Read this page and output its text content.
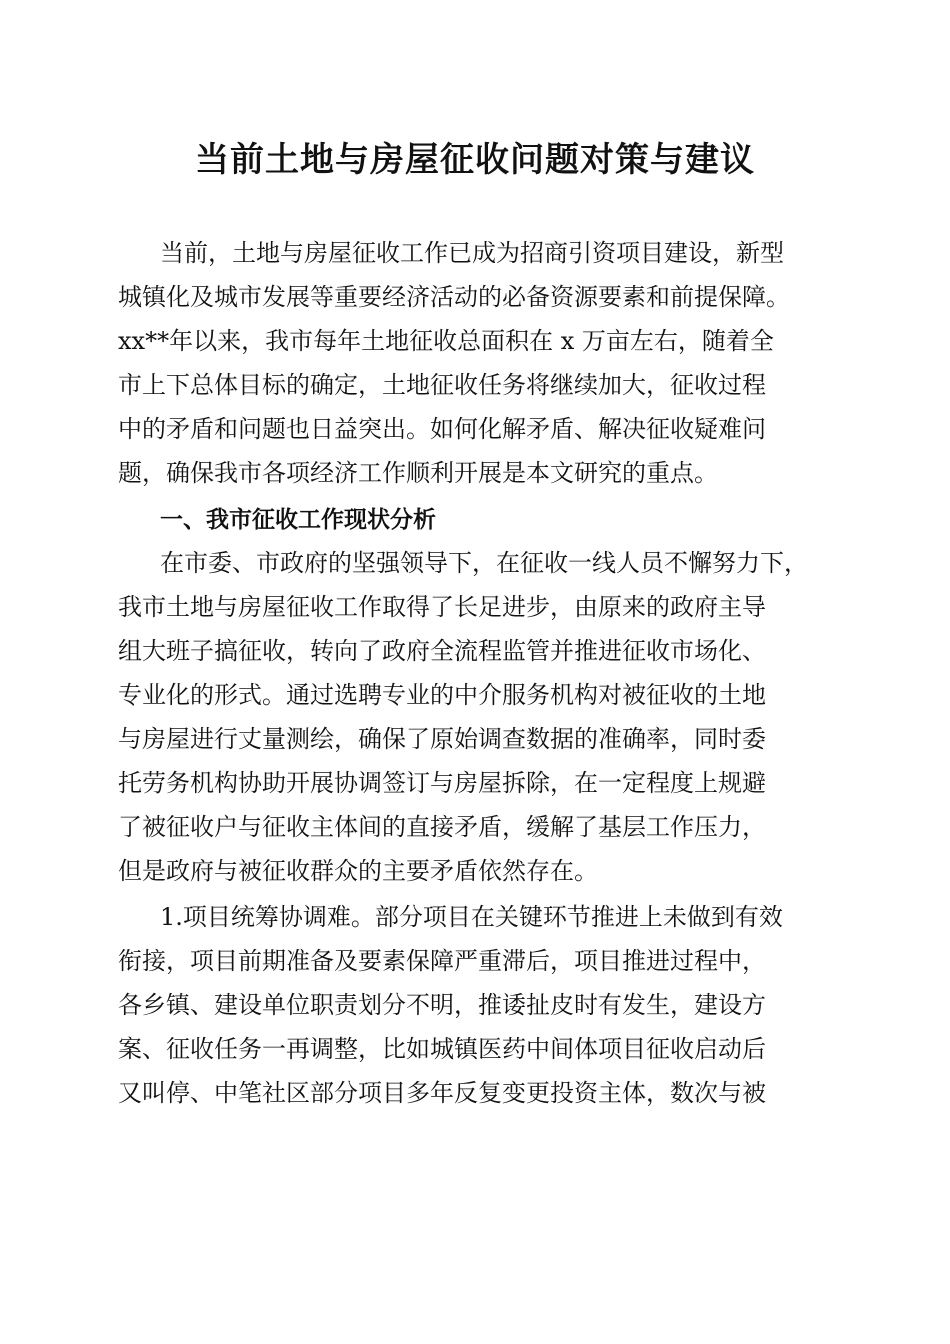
当前土地与房屋征收问题对策与建议
当前，土地与房屋征收工作已成为招商引资项目建设，新型
城镇化及城市发展等重要经济活动的必备资源要素和前提保障。
xx**年以来，我市每年土地征收总面积在 x 万亩左右，随着全
市上下总体目标的确定，土地征收任务将继续加大，征收过程
中的矛盾和问题也日益突出。如何化解矛盾、解决征收疑难问
题，确保我市各项经济工作顺利开展是本文研究的重点。
一、我市征收工作现状分析
在市委、市政府的坚强领导下，在征收一线人员不懈努力下，
我市土地与房屋征收工作取得了长足进步，由原来的政府主导
组大班子搞征收，转向了政府全流程监管并推进征收市场化、
专业化的形式。通过选聘专业的中介服务机构对被征收的土地
与房屋进行丈量测绘，确保了原始调查数据的准确率，同时委
托劳务机构协助开展协调签订与房屋拆除，在一定程度上规避
了被征收户与征收主体间的直接矛盾，缓解了基层工作压力，
但是政府与被征收群众的主要矛盾依然存在。
1.项目统筹协调难。部分项目在关键环节推进上未做到有效
衔接，项目前期准备及要素保障严重滞后，项目推进过程中，
各乡镇、建设单位职责划分不明，推诿扯皮时有发生，建设方
案、征收任务一再调整，比如城镇医药中间体项目征收启动后
又叫停、中笔社区部分项目多年反复变更投资主体，数次与被
